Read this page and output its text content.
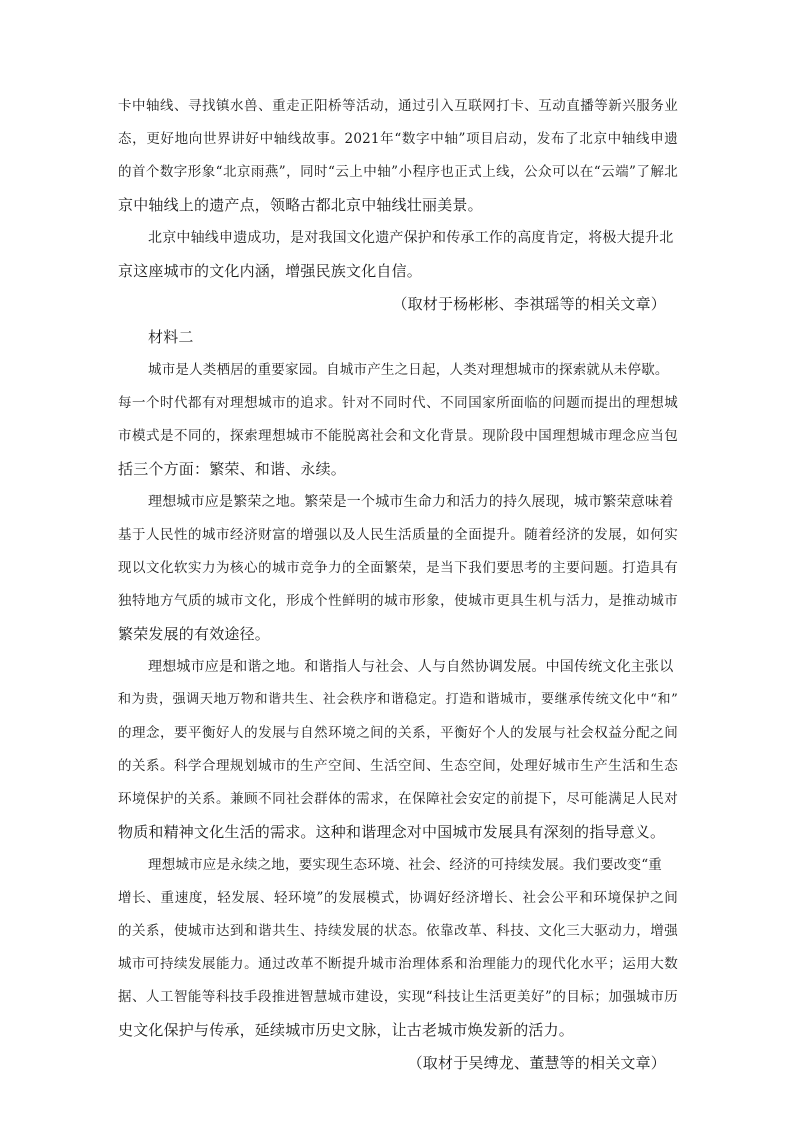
卡中轴线、寻找镇水兽、重走正阳桥等活动，通过引入互联网打卡、互动直播等新兴服务业
态，更好地向世界讲好中轴线故事。2021年“数字中轴”项目启动，发布了北京中轴线申遗
的首个数字形象“北京雨燕”，同时“云上中轴”小程序也正式上线，公众可以在“云端”了解北
京中轴线上的遗产点，领略古都北京中轴线壮丽美景。
北京中轴线申遗成功，是对我国文化遗产保护和传承工作的高度肯定，将极大提升北
京这座城市的文化内涵，增强民族文化自信。
（取材于杨彬彬、李祺瑶等的相关文章）
材料二
城市是人类栖居的重要家园。自城市产生之日起，人类对理想城市的探索就从未停歇。
每一个时代都有对理想城市的追求。针对不同时代、不同国家所面临的问题而提出的理想城
市模式是不同的，探索理想城市不能脱离社会和文化背景。现阶段中国理想城市理念应当包
括三个方面：繁荣、和谐、永续。
理想城市应是繁荣之地。繁荣是一个城市生命力和活力的持久展现，城市繁荣意味着
基于人民性的城市经济财富的增强以及人民生活质量的全面提升。随着经济的发展，如何实
现以文化软实力为核心的城市竞争力的全面繁荣，是当下我们要思考的主要问题。打造具有
独特地方气质的城市文化，形成个性鲜明的城市形象，使城市更具生机与活力，是推动城市
繁荣发展的有效途径。
理想城市应是和谐之地。和谐指人与社会、人与自然协调发展。中国传统文化主张以
和为贵，强调天地万物和谐共生、社会秩序和谐稳定。打造和谐城市，要继承传统文化中“和”
的理念，要平衡好人的发展与自然环境之间的关系，平衡好个人的发展与社会权益分配之间
的关系。科学合理规划城市的生产空间、生活空间、生态空间，处理好城市生产生活和生态
环境保护的关系。兼顾不同社会群体的需求，在保障社会安定的前提下，尽可能满足人民对
物质和精神文化生活的需求。这种和谐理念对中国城市发展具有深刻的指导意义。
理想城市应是永续之地，要实现生态环境、社会、经济的可持续发展。我们要改变“重
增长、重速度，轻发展、轻环境”的发展模式，协调好经济增长、社会公平和环境保护之间
的关系，使城市达到和谐共生、持续发展的状态。依靠改革、科技、文化三大驱动力，增强
城市可持续发展能力。通过改革不断提升城市治理体系和治理能力的现代化水平；运用大数
据、人工智能等科技手段推进智慧城市建设，实现“科技让生活更美好”的目标；加强城市历
史文化保护与传承，延续城市历史文脉，让古老城市焕发新的活力。
（取材于吴缚龙、董慧等的相关文章）
